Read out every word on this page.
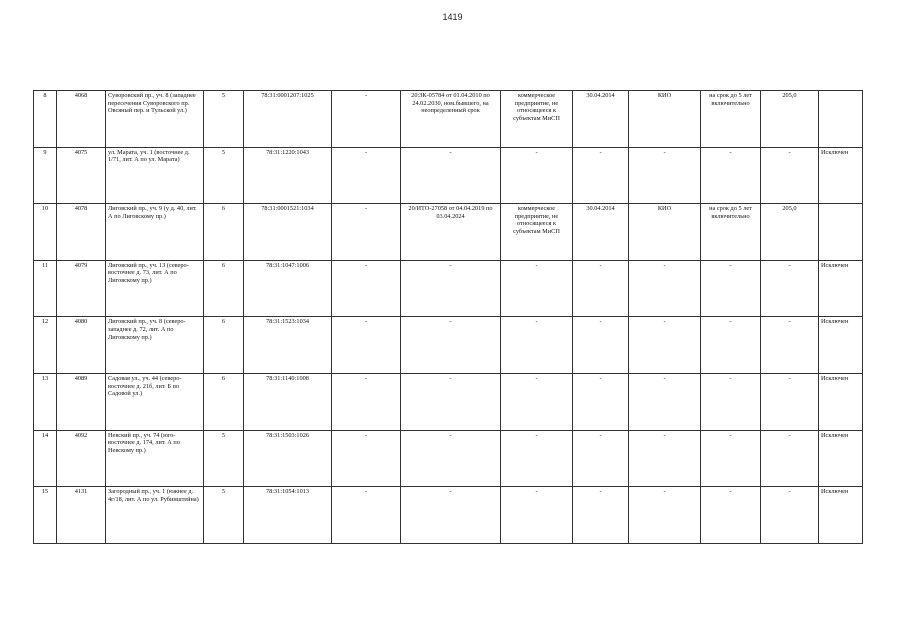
1419
8	4068	Суворовский пр., уч. 8 (западнее пересечения Суворовского пр. Овсяный пер. и Тульской ул.)	5	78:31:0001207:1025	-	20:ЗК-05784 от 01.04.2010 по 24.02.2030, ном.бывшего, на неопределенный срок	коммерческое предприятие, не относящееся к субъектам МиСП	30.04.2014	КИО	на срок до 5 лет включительно	205,0	
9	4075	ул. Марата, уч. 1 (восточнее д. 1/71, лит. А по ул. Марата)	5	78:31:1220:1043	-	-	-	-	-	-	-	Исключен
10	4078	Лиговский пр., уч. 9 (у д. 40, лит. А по Лиговскому пр.)	6	78:31:0001521:1034	-	20/ИТО-27058 от 04.04.2019 по 03.04.2024	коммерческое предприятие, не относящееся к субъектам МиСП	30.04.2014	КИО	на срок до 5 лет включительно	205,0	
11	4079	Лиговский пр., уч. 13 (северо-восточнее д. 73, лит. А по Лиговскому пр.)	6	78:31:1047:1006	-	-	-	-	-	-	-	Исключен
12	4080	Лиговский пр., уч. 8 (северо-западнее д. 72, лит. А по Лиговскому пр.)	6	78:31:1523:1034	-	-	-	-	-	-	-	Исключен
13	4089	Садовая ул., уч. 44 (северо-восточнее д. 21б, лит. Б по Садовой ул.)	6	78:31:1140:1008	-	-	-	-	-	-	-	Исключен
14	4092	Невский пр., уч. 74 (юго-восточнее д. 174, лит. А по Невскому пр.)	5	78:31:1503:1026	-	-	-	-	-	-	-	Исключен
15	4131	Загородный пр., уч. 1 (южнее д. 4г/18, лит. А по ул. Рубинштейна)	5	78:31:1054:1013	-	-	-	-	-	-	-	Исключен
